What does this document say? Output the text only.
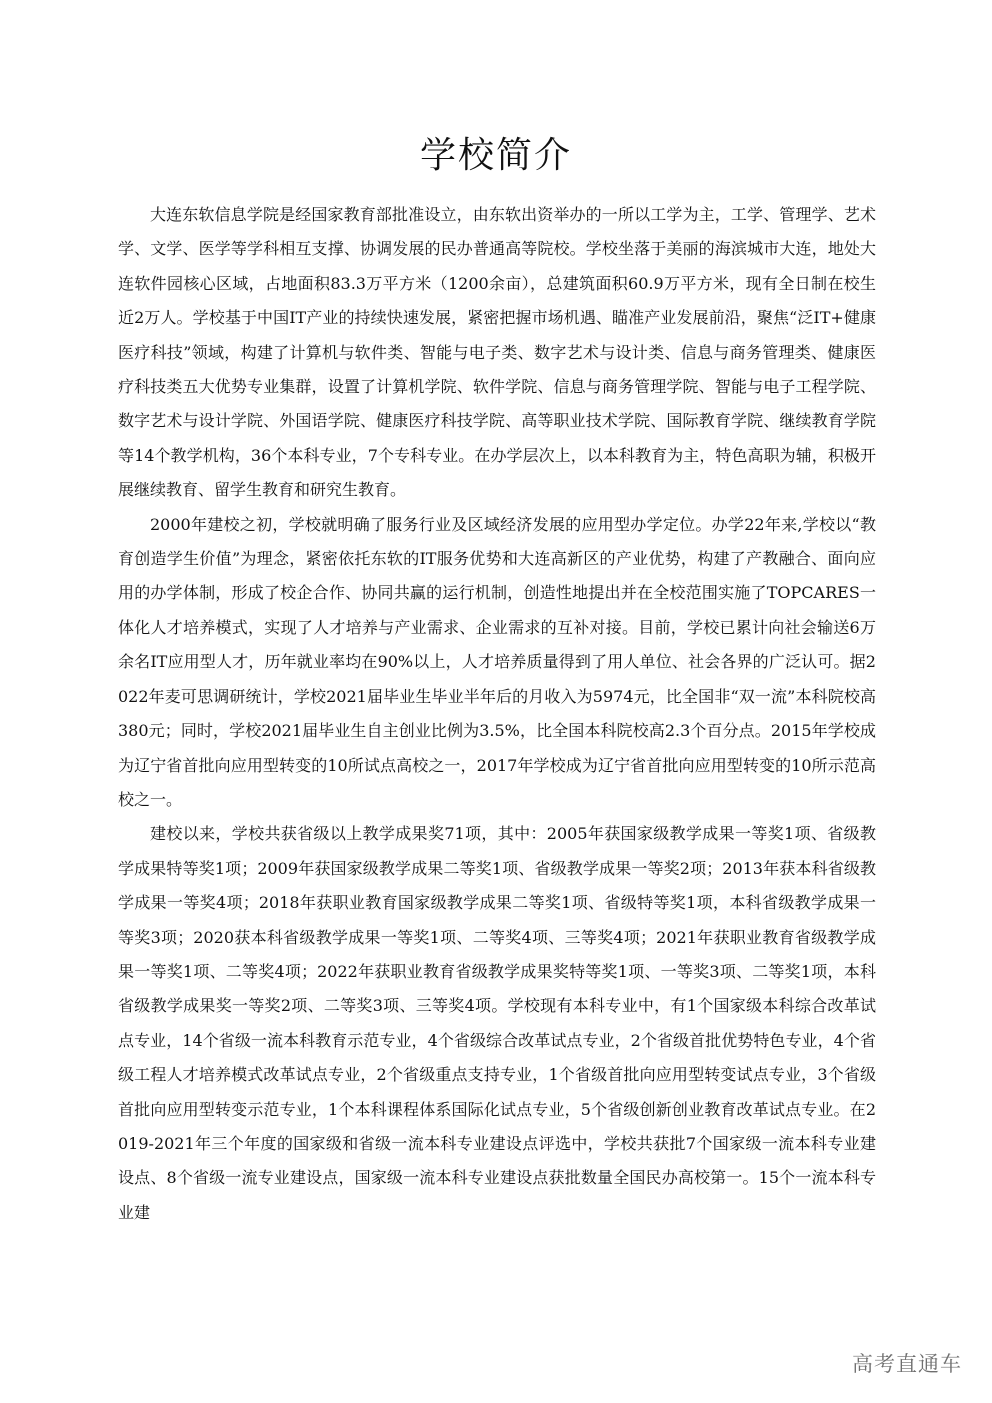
学校简介

大连东软信息学院是经国家教育部批准设立，由东软出资举办的一所以工学为主，工学、管理学、艺术学、文学、医学等学科相互支撑、协调发展的民办普通高等院校。学校坐落于美丽的海滨城市大连，地处大连软件园核心区域，占地面积83.3万平方米（1200余亩），总建筑面积60.9万平方米，现有全日制在校生近2万人。学校基于中国IT产业的持续快速发展，紧密把握市场机遇、瞄准产业发展前沿，聚焦“泛IT+健康医疗科技”领域，构建了计算机与软件类、智能与电子类、数字艺术与设计类、信息与商务管理类、健康医疗科技类五大优势专业集群，设置了计算机学院、软件学院、信息与商务管理学院、智能与电子工程学院、数字艺术与设计学院、外国语学院、健康医疗科技学院、高等职业技术学院、国际教育学院、继续教育学院等14个教学机构，36个本科专业，7个专科专业。在办学层次上，以本科教育为主，特色高职为辅，积极开展继续教育、留学生教育和研究生教育。

2000年建校之初，学校就明确了服务行业及区域经济发展的应用型办学定位。办学22年来,学校以“教育创造学生价值”为理念，紧密依托东软的IT服务优势和大连高新区的产业优势，构建了产教融合、面向应用的办学体制，形成了校企合作、协同共赢的运行机制，创造性地提出并在全校范围实施了TOPCARES一体化人才培养模式，实现了人才培养与产业需求、企业需求的互补对接。目前，学校已累计向社会输送6万余名IT应用型人才，历年就业率均在90%以上，人才培养质量得到了用人单位、社会各界的广泛认可。据2022年麦可思调研统计，学校2021届毕业生毕业半年后的月收入为5974元，比全国非“双一流”本科院校高380元；同时，学校2021届毕业生自主创业比例为3.5%，比全国本科院校高2.3个百分点。2015年学校成为辽宁省首批向应用型转变的10所试点高校之一，2017年学校成为辽宁省首批向应用型转变的10所示范高校之一。

建校以来，学校共获省级以上教学成果奖71项，其中：2005年获国家级教学成果一等奖1项、省级教学成果特等奖1项；2009年获国家级教学成果二等奖1项、省级教学成果一等奖2项；2013年获本科省级教学成果一等奖4项；2018年获职业教育国家级教学成果二等奖1项、省级特等奖1项，本科省级教学成果一等奖3项；2020获本科省级教学成果一等奖1项、二等奖4项、三等奖4项；2021年获职业教育省级教学成果一等奖1项、二等奖4项；2022年获职业教育省级教学成果奖特等奖1项、一等奖3项、二等奖1项，本科省级教学成果奖一等奖2项、二等奖3项、三等奖4项。学校现有本科专业中，有1个国家级本科综合改革试点专业，14个省级一流本科教育示范专业，4个省级综合改革试点专业，2个省级首批优势特色专业，4个省级工程人才培养模式改革试点专业，2个省级重点支持专业，1个省级首批向应用型转变试点专业，3个省级首批向应用型转变示范专业，1个本科课程体系国际化试点专业，5个省级创新创业教育改革试点专业。在2019-2021年三个年度的国家级和省级一流本科专业建设点评选中，学校共获批7个国家级一流本科专业建设点、8个省级一流专业建设点，国家级一流本科专业建设点获批数量全国民办高校第一。15个一流本科专业建

高考直通车
